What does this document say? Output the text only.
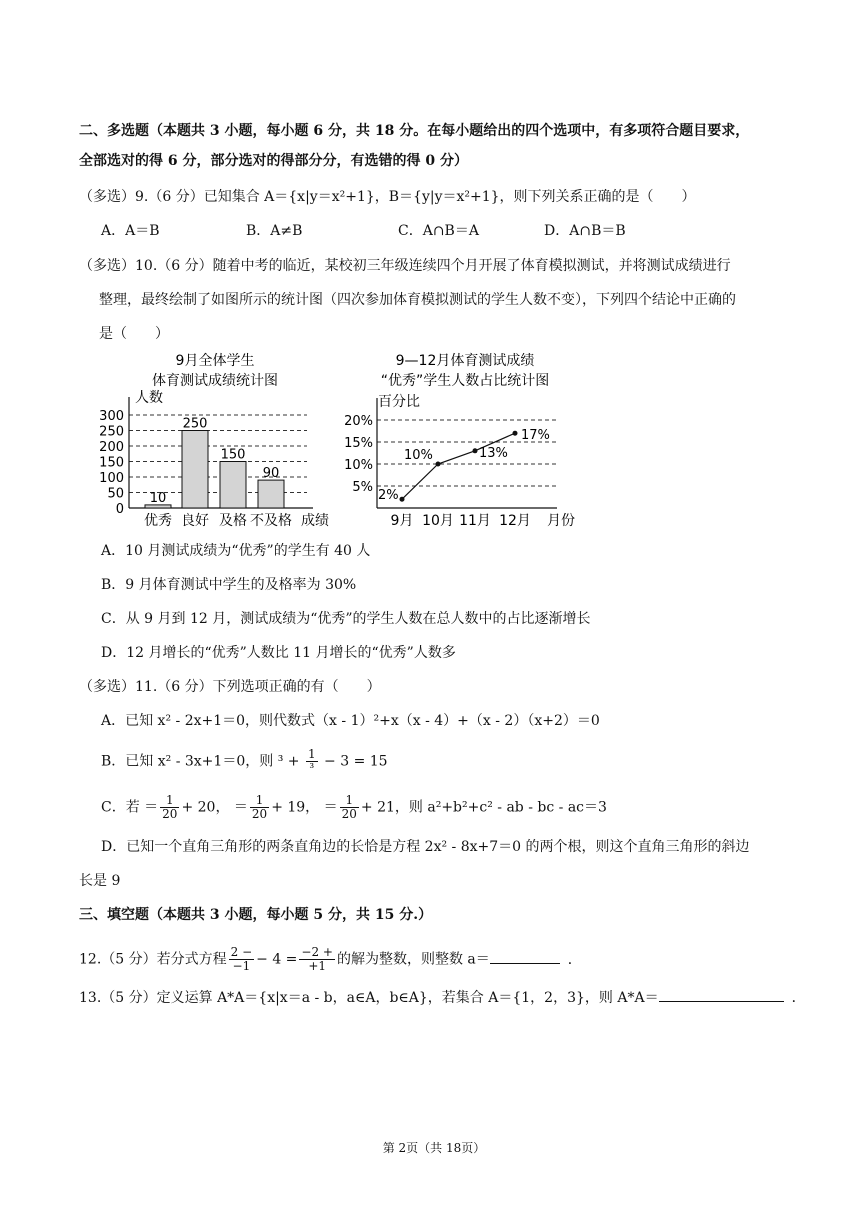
二、多选题（本题共 3 小题，每小题 6 分，共 18 分。在每小题给出的四个选项中，有多项符合题目要求，
全部选对的得 6 分，部分选对的得部分分，有选错的得 0 分）
（多选）9.（6 分）已知集合 A＝{x|y＝x²+1}，B＝{y|y＝x²+1}，则下列关系正确的是（　　）
A．A＝B	B．A≠B	C．A∩B＝A	D．A∩B＝B
（多选）10.（6 分）随着中考的临近，某校初三年级连续四个月开展了体育模拟测试，并将测试成绩进行
整理，最终绘制了如图所示的统计图（四次参加体育模拟测试的学生人数不变），下列四个结论中正确的
是（　　）
9月全体学生
体育测试成绩统计图
人数
成绩
300
250
200
150
100
50
0
10
250
150
90
优秀 良好 及格 不及格
9—12月体育测试成绩
“优秀”学生人数占比统计图
百分比
月份
20%
15%
10%
5%
2%
10%	13%
17%
9月 10月 11月 12月
A．10 月测试成绩为“优秀”的学生有 40 人
B．9 月体育测试中学生的及格率为 30%
C．从 9 月到 12 月，测试成绩为“优秀”的学生人数在总人数中的占比逐渐增长
D．12 月增长的“优秀”人数比 11 月增长的“优秀”人数多
（多选）11.（6 分）下列选项正确的有（　　）
A．已知 x² - 2x+1＝0，则代数式（x - 1）²+x（x - 4）+（x - 2）（x+2）＝0
B．已知 x² - 3x+1＝0，则 $^3 + \frac{1}{\text{³}} - 3 = 15$
C．若 ＝ $\frac{1}{20} + 20$， ＝ $\frac{1}{20} + 19$， ＝ $\frac{1}{20} + 21$，则 a²+b²+c² - ab - bc - ac＝3
D．已知一个直角三角形的两条直角边的长恰是方程 2x² - 8x+7＝0 的两个根，则这个直角三角形的斜边
长是 9
三、填空题（本题共 3 小题，每小题 5 分，共 15 分.）
12.（5 分）若分式方程 $\frac{2 -}{-1} - 4 = \frac{-2 +}{+1}$ 的解为整数，则整数 a＝	．
13.（5 分）定义运算 A*A＝{x|x＝a - b，a∈A，b∈A}，若集合 A＝{1，2，3}，则 A*A＝	．
第 2页（共 18页）
